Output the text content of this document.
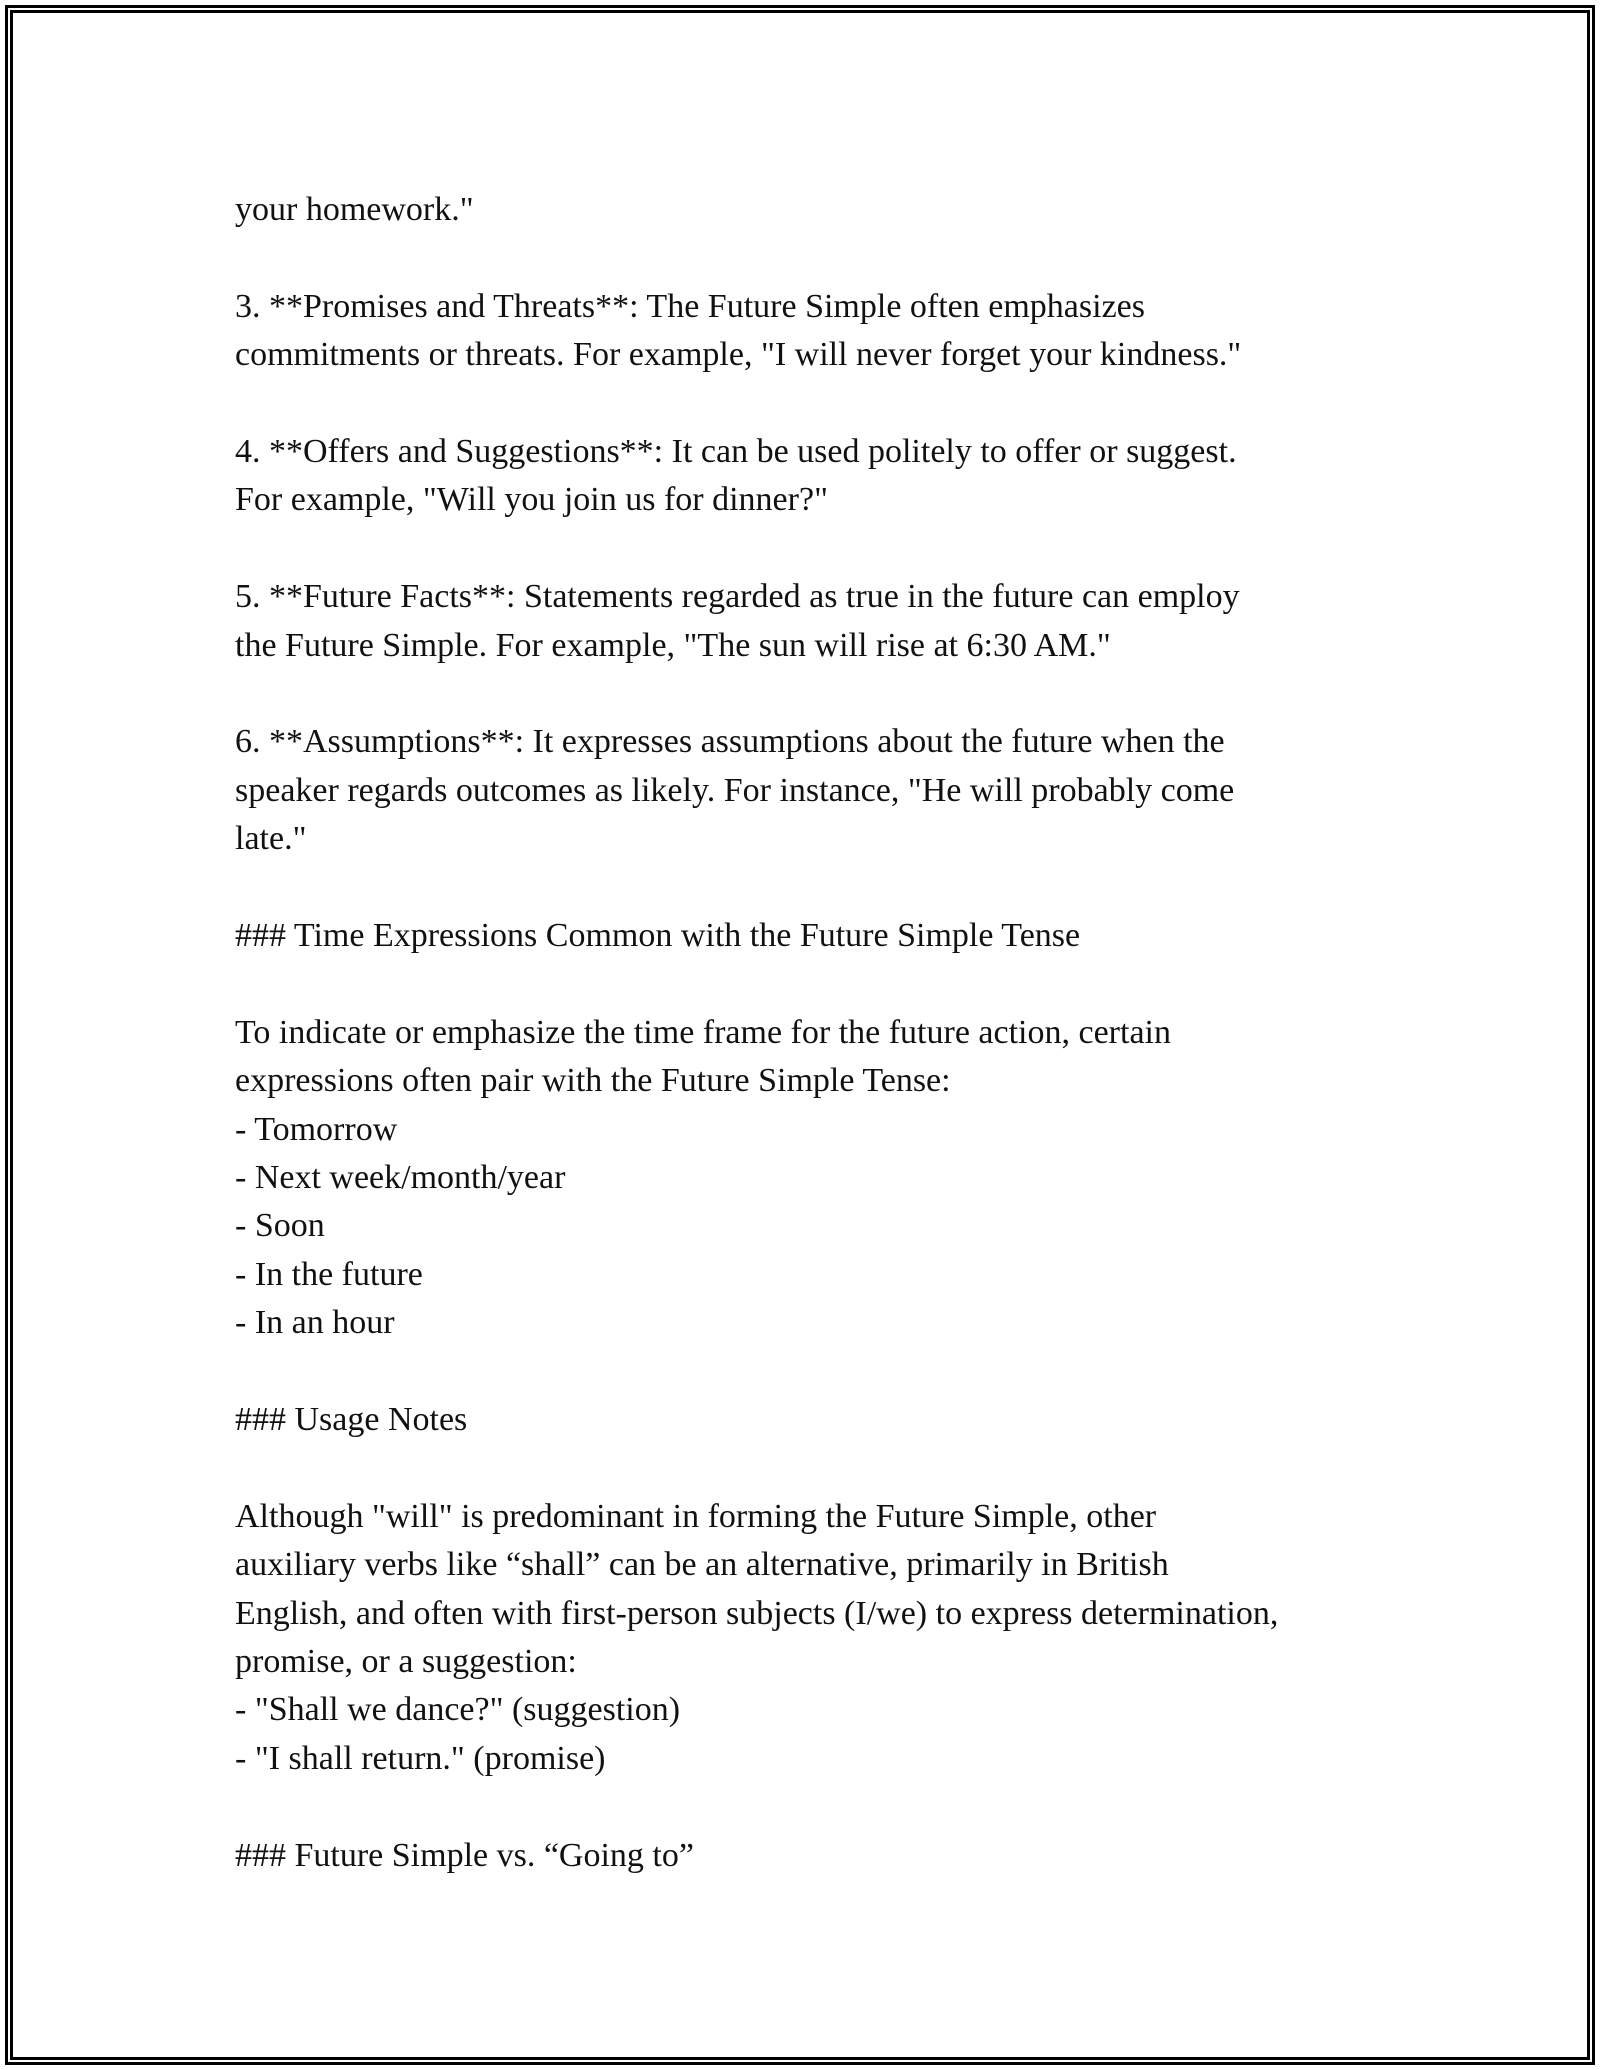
your homework."
3. **Promises and Threats**: The Future Simple often emphasizes
commitments or threats. For example, "I will never forget your kindness."
4. **Offers and Suggestions**: It can be used politely to offer or suggest.
For example, "Will you join us for dinner?"
5. **Future Facts**: Statements regarded as true in the future can employ
the Future Simple. For example, "The sun will rise at 6:30 AM."
6. **Assumptions**: It expresses assumptions about the future when the
speaker regards outcomes as likely. For instance, "He will probably come
late."
### Time Expressions Common with the Future Simple Tense
To indicate or emphasize the time frame for the future action, certain
expressions often pair with the Future Simple Tense:
- Tomorrow
- Next week/month/year
- Soon
- In the future
- In an hour
### Usage Notes
Although "will" is predominant in forming the Future Simple, other
auxiliary verbs like “shall” can be an alternative, primarily in British
English, and often with first-person subjects (I/we) to express determination,
promise, or a suggestion:
- "Shall we dance?" (suggestion)
- "I shall return." (promise)
### Future Simple vs. “Going to”
